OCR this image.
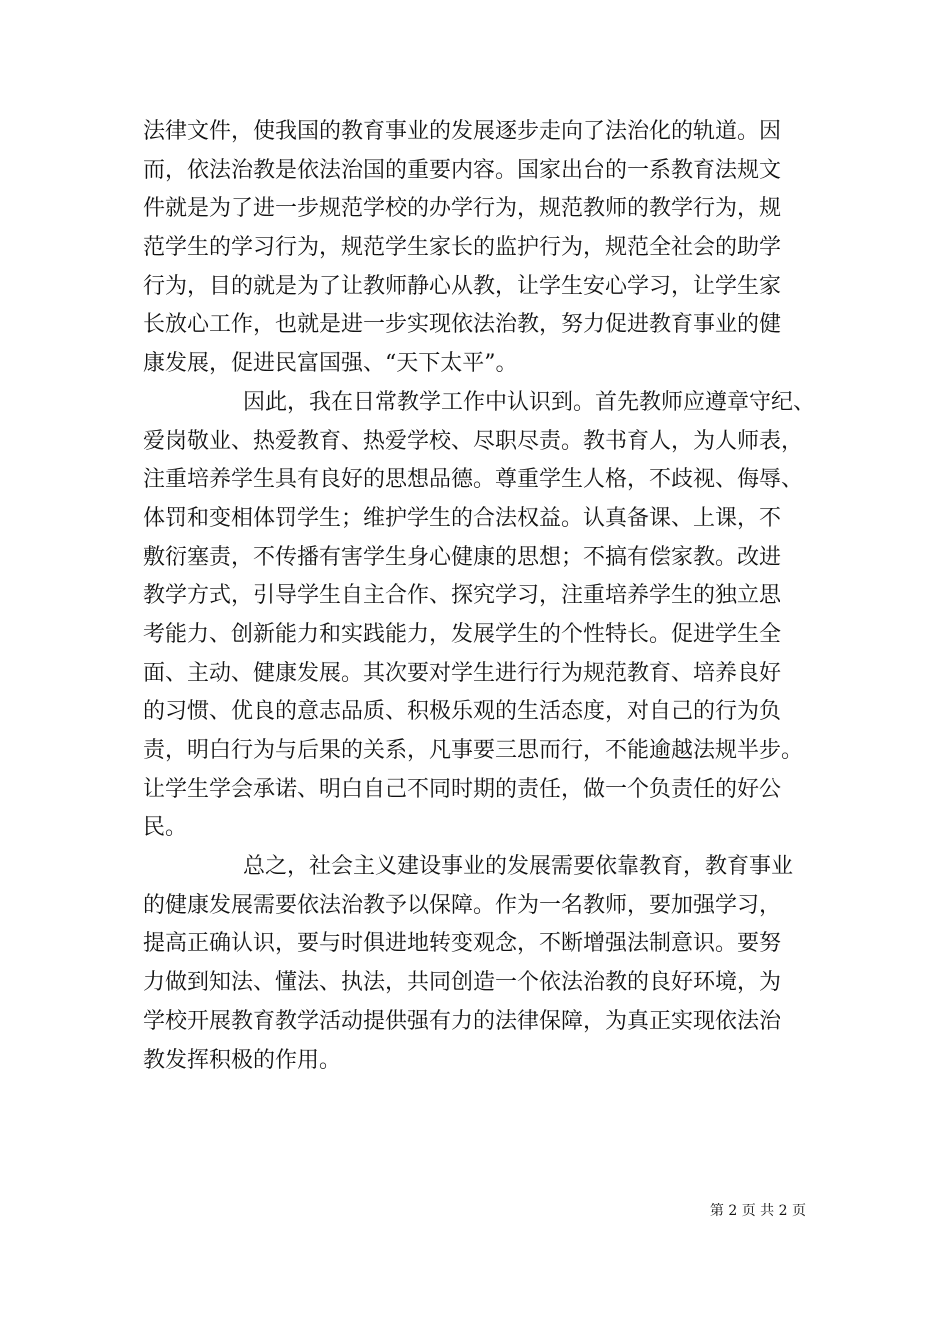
法律文件，使我国的教育事业的发展逐步走向了法治化的轨道。因
而，依法治教是依法治国的重要内容。国家出台的一系教育法规文
件就是为了进一步规范学校的办学行为，规范教师的教学行为，规
范学生的学习行为，规范学生家长的监护行为，规范全社会的助学
行为，目的就是为了让教师静心从教，让学生安心学习，让学生家
长放心工作，也就是进一步实现依法治教，努力促进教育事业的健
康发展，促进民富国强、“天下太平”。
因此，我在日常教学工作中认识到。首先教师应遵章守纪、
爱岗敬业、热爱教育、热爱学校、尽职尽责。教书育人，为人师表，
注重培养学生具有良好的思想品德。尊重学生人格，不歧视、侮辱、
体罚和变相体罚学生；维护学生的合法权益。认真备课、上课，不
敷衍塞责，不传播有害学生身心健康的思想；不搞有偿家教。改进
教学方式，引导学生自主合作、探究学习，注重培养学生的独立思
考能力、创新能力和实践能力，发展学生的个性特长。促进学生全
面、主动、健康发展。其次要对学生进行行为规范教育、培养良好
的习惯、优良的意志品质、积极乐观的生活态度，对自己的行为负
责，明白行为与后果的关系，凡事要三思而行，不能逾越法规半步。
让学生学会承诺、明白自己不同时期的责任，做一个负责任的好公
民。
总之，社会主义建设事业的发展需要依靠教育，教育事业
的健康发展需要依法治教予以保障。作为一名教师，要加强学习，
提高正确认识，要与时俱进地转变观念，不断增强法制意识。要努
力做到知法、懂法、执法，共同创造一个依法治教的良好环境，为
学校开展教育教学活动提供强有力的法律保障，为真正实现依法治
教发挥积极的作用。
第 2 页 共 2 页
